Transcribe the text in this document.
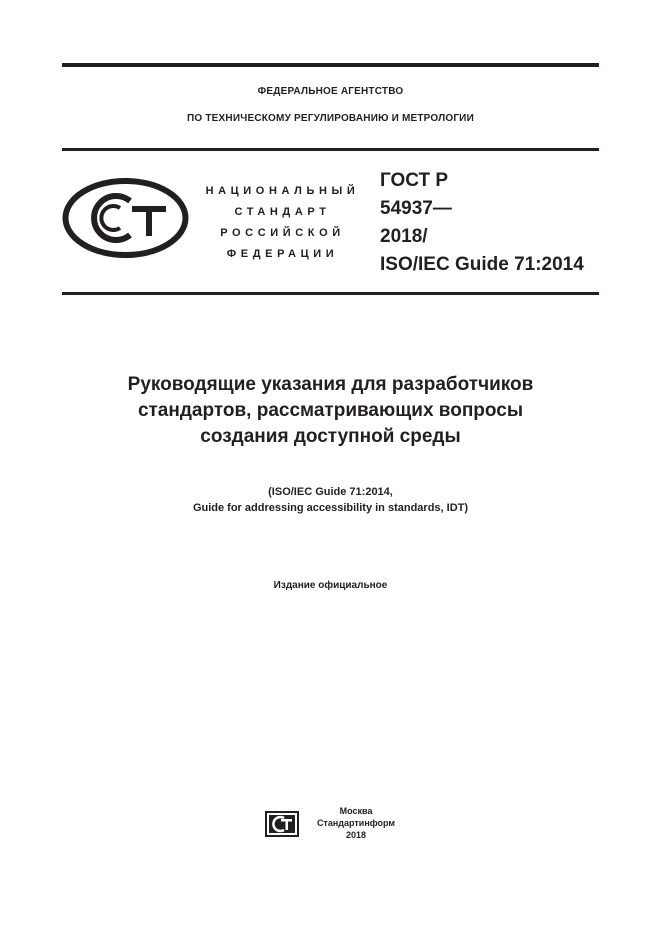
ФЕДЕРАЛЬНОЕ АГЕНТСТВО
ПО ТЕХНИЧЕСКОМУ РЕГУЛИРОВАНИЮ И МЕТРОЛОГИИ
НАЦИОНАЛЬНЫЙ
СТАНДАРТ
РОССИЙСКОЙ
ФЕДЕРАЦИИ
ГОСТ Р
54937—
2018/
ISO/IEC Guide 71:2014
Руководящие указания для разработчиков
стандартов, рассматривающих вопросы
создания доступной среды
(ISO/IEC Guide 71:2014,
Guide for addressing accessibility in standards, IDT)
Издание официальное
Москва
Стандартинформ
2018
